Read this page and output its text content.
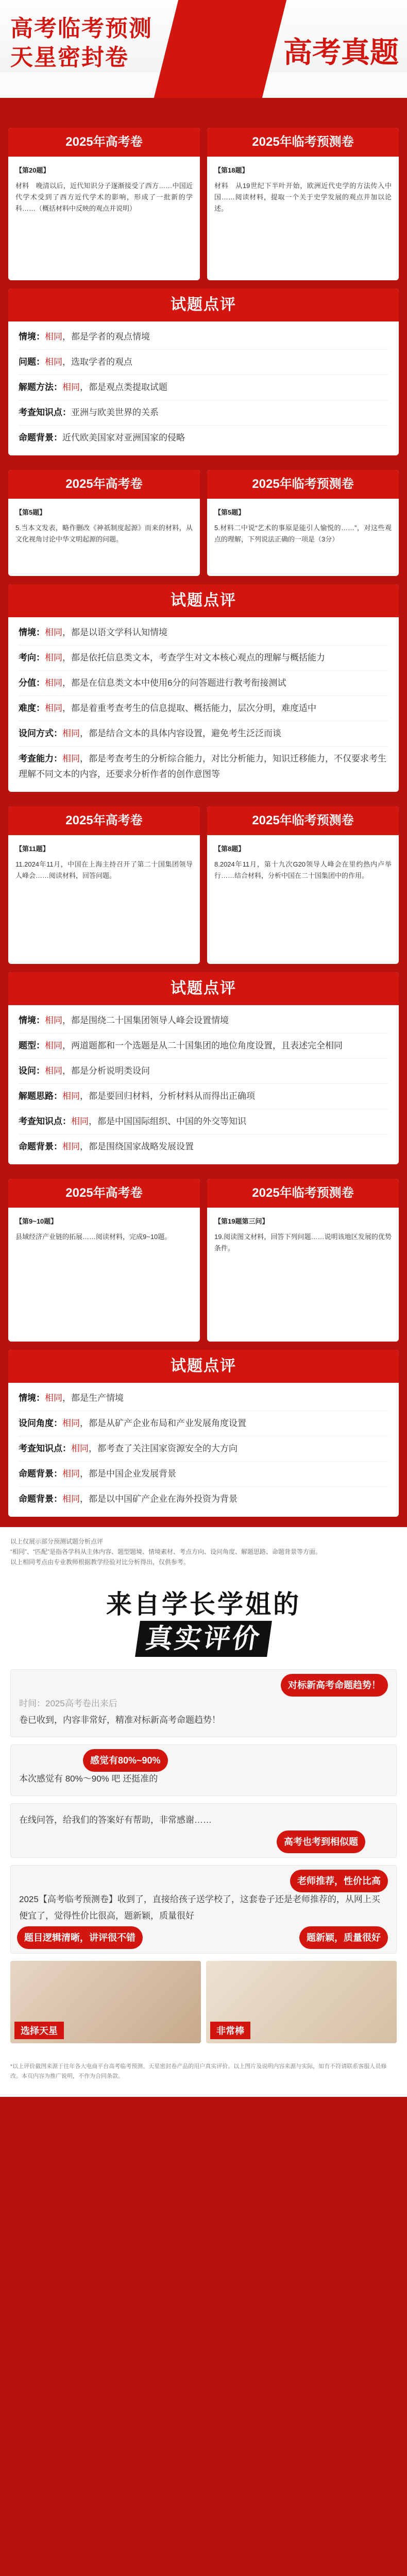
高考临考预测
天星密封卷 PK 高考真题
2025年高考卷
【第20题】
材料　晚清以后，近代知识分子逐渐接受了西方……中国近代学术受到了西方近代学术的影响，形成了一批新的学科……（概括材料中反映的观点并说明）
2025年临考预测卷
【第18题】
材料　从19世纪下半叶开始，欧洲近代史学的方法传入中国……阅读材料，提取一个关于史学发展的观点并加以论述。
试题点评
情境：相同，都是学者的观点情境
问题：相同，选取学者的观点
解题方法：相同，都是观点类提取试题
考查知识点：亚洲与欧美世界的关系
命题背景：近代欧美国家对亚洲国家的侵略
2025年高考卷
【第5题】
5.当本文发表，略作删改《神祇制度起源》而来的材料，从文化视角讨论中华文明起源的问题。
2025年临考预测卷
【第5题】
5.材料二中说“艺术的事原是能引人愉悦的……”，对这些观点的理解，下列说法正确的一项是（3分）
试题点评
情境：相同，都是以语文学科认知情境
考向：相同，都是依托信息类文本，考查学生对文本核心观点的理解与概括能力
分值：相同，都是在信息类文本中使用6分的问答题进行教考衔接测试
难度：相同，都是着重考查考生的信息提取、概括能力，层次分明，难度适中
设问方式：相同，都是结合文本的具体内容设置，避免考生泛泛而谈
考查能力：相同，都是考查考生的分析综合能力，对比分析能力，知识迁移能力，不仅要求考生理解不同文本的内容，还要求分析作者的创作意图等
2025年高考卷
【第11题】
11.2024年11月，中国在上海主持召开了第二十国集团领导人峰会……阅读材料，回答问题。
2025年临考预测卷
【第8题】
8.2024年11月，第十九次G20领导人峰会在里约热内卢举行……结合材料，分析中国在二十国集团中的作用。
试题点评
情境：相同，都是围绕二十国集团领导人峰会设置情境
题型：相同，两道题都和一个选题是从二十国集团的地位角度设置，且表述完全相同
设问：相同，都是分析说明类设问
解题思路：相同，都是要回归材料，分析材料从而得出正确项
考查知识点：相同，都是中国国际组织、中国的外交等知识
命题背景：相同，都是围绕国家战略发展设置
2025年高考卷
【第9~10题】
县域经济产业链的拓展……阅读材料，完成9~10题。
2025年临考预测卷
【第19题第三问】
19.阅读图文材料，回答下列问题……说明该地区发展的优势条件。
试题点评
情境：相同，都是生产情境
设问角度：相同，都是从矿产企业布局和产业发展角度设置
考查知识点：相同，都考查了关注国家资源安全的大方向
命题背景：相同，都是中国企业发展背景
命题背景：相同，都是以中国矿产企业在海外投资为背景
以上仅展示部分预测试题分析点评
“相同”、“匹配”是指各学科从主体内容、题型题境、情境素材、考点方向、设问角度、解题思路、命题背景等方面。
以上相同考点由专业教师根据教学经验对比分析得出，仅供参考。
来自学长学姐的
真实评价
对标新高考命题趋势！
时间：2025高考卷出来后
卷已收到，内容非常好，精准对标新高考命题趋势！
感觉有80%~90%
本次感觉有 80%～90% 吧 还挺准的
在线问答，给我们的答案好有帮助，非常感谢……
高考也考到相似题
老师推荐，性价比高
2025【高考临考预测卷】收到了，直接给孩子送学校了，这套卷子还是老师推荐的，从网上买便宜了，觉得性价比很高，题新颖，质量很好
题目逻辑清晰，讲评很不错	题新颖，质量很好
选择天星	非常棒
*以上评价截图来源于往年各大电商平台高考临考预测、天星密封卷产品的用户真实评价。以上图片及说明内容来源与实际，如有不符请联系客服人员修改。本页内容为推广说明，不作为合同条款。
